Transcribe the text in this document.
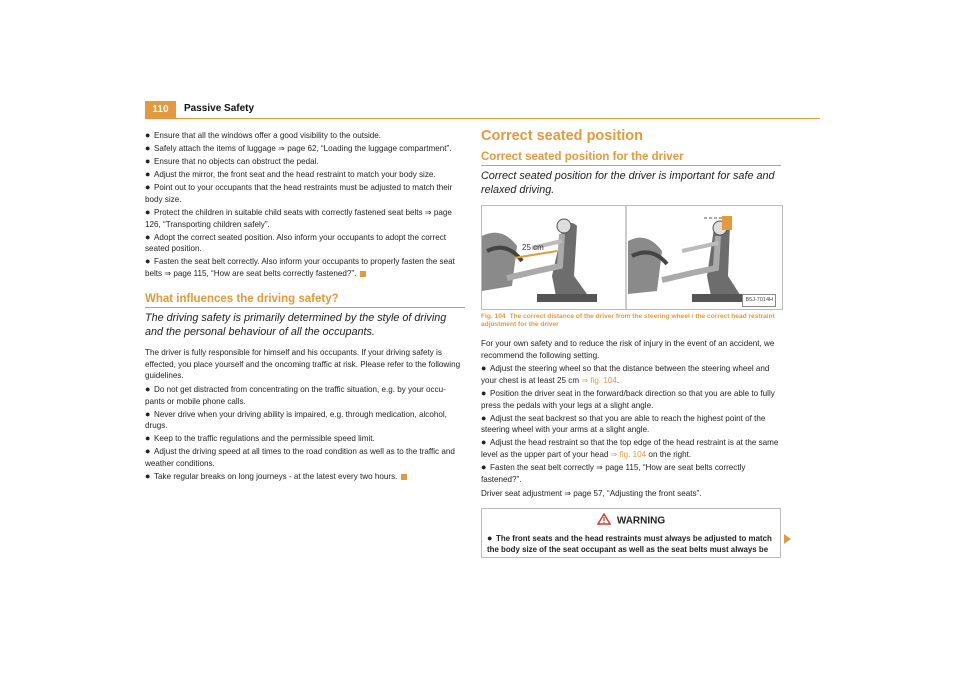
110	Passive Safety
● Ensure that all the windows offer a good visibility to the outside.
● Safely attach the items of luggage ⇒ page 62, “Loading the luggage compartment”.
● Ensure that no objects can obstruct the pedal.
● Adjust the mirror, the front seat and the head restraint to match your body size.
● Point out to your occupants that the head restraints must be adjusted to match their body size.
● Protect the children in suitable child seats with correctly fastened seat belts ⇒ page 126, “Transporting children safely”.
● Adopt the correct seated position. Also inform your occupants to adopt the correct seated position.
● Fasten the seat belt correctly. Also inform your occupants to properly fasten the seat belts ⇒ page 115, “How are seat belts correctly fastened?”.
What influences the driving safety?
The driving safety is primarily determined by the style of driving and the personal behaviour of all the occupants.
The driver is fully responsible for himself and his occupants. If your driving safety is effected, you place yourself and the oncoming traffic at risk. Please refer to the following guidelines.
● Do not get distracted from concentrating on the traffic situation, e.g. by your occu-pants or mobile phone calls.
● Never drive when your driving ability is impaired, e.g. through medication, alcohol, drugs.
● Keep to the traffic regulations and the permissible speed limit.
● Adjust the driving speed at all times to the road condition as well as to the traffic and weather conditions.
● Take regular breaks on long journeys - at the latest every two hours.
Correct seated position
Correct seated position for the driver
Correct seated position for the driver is important for safe and relaxed driving.
25 cm
B5J-7014H
Fig. 104 The correct distance of the driver from the steering wheel / the correct head restraint adjustment for the driver
For your own safety and to reduce the risk of injury in the event of an accident, we recommend the following setting.
● Adjust the steering wheel so that the distance between the steering wheel and your chest is at least 25 cm ⇒ fig. 104.
● Position the driver seat in the forward/back direction so that you are able to fully press the pedals with your legs at a slight angle.
● Adjust the seat backrest so that you are able to reach the highest point of the steering wheel with your arms at a slight angle.
● Adjust the head restraint so that the top edge of the head restraint is at the same level as the upper part of your head ⇒ fig. 104 on the right.
● Fasten the seat belt correctly ⇒ page 115, “How are seat belts correctly fastened?”.
Driver seat adjustment ⇒ page 57, “Adjusting the front seats”.
WARNING
● The front seats and the head restraints must always be adjusted to match the body size of the seat occupant as well as the seat belts must always be
